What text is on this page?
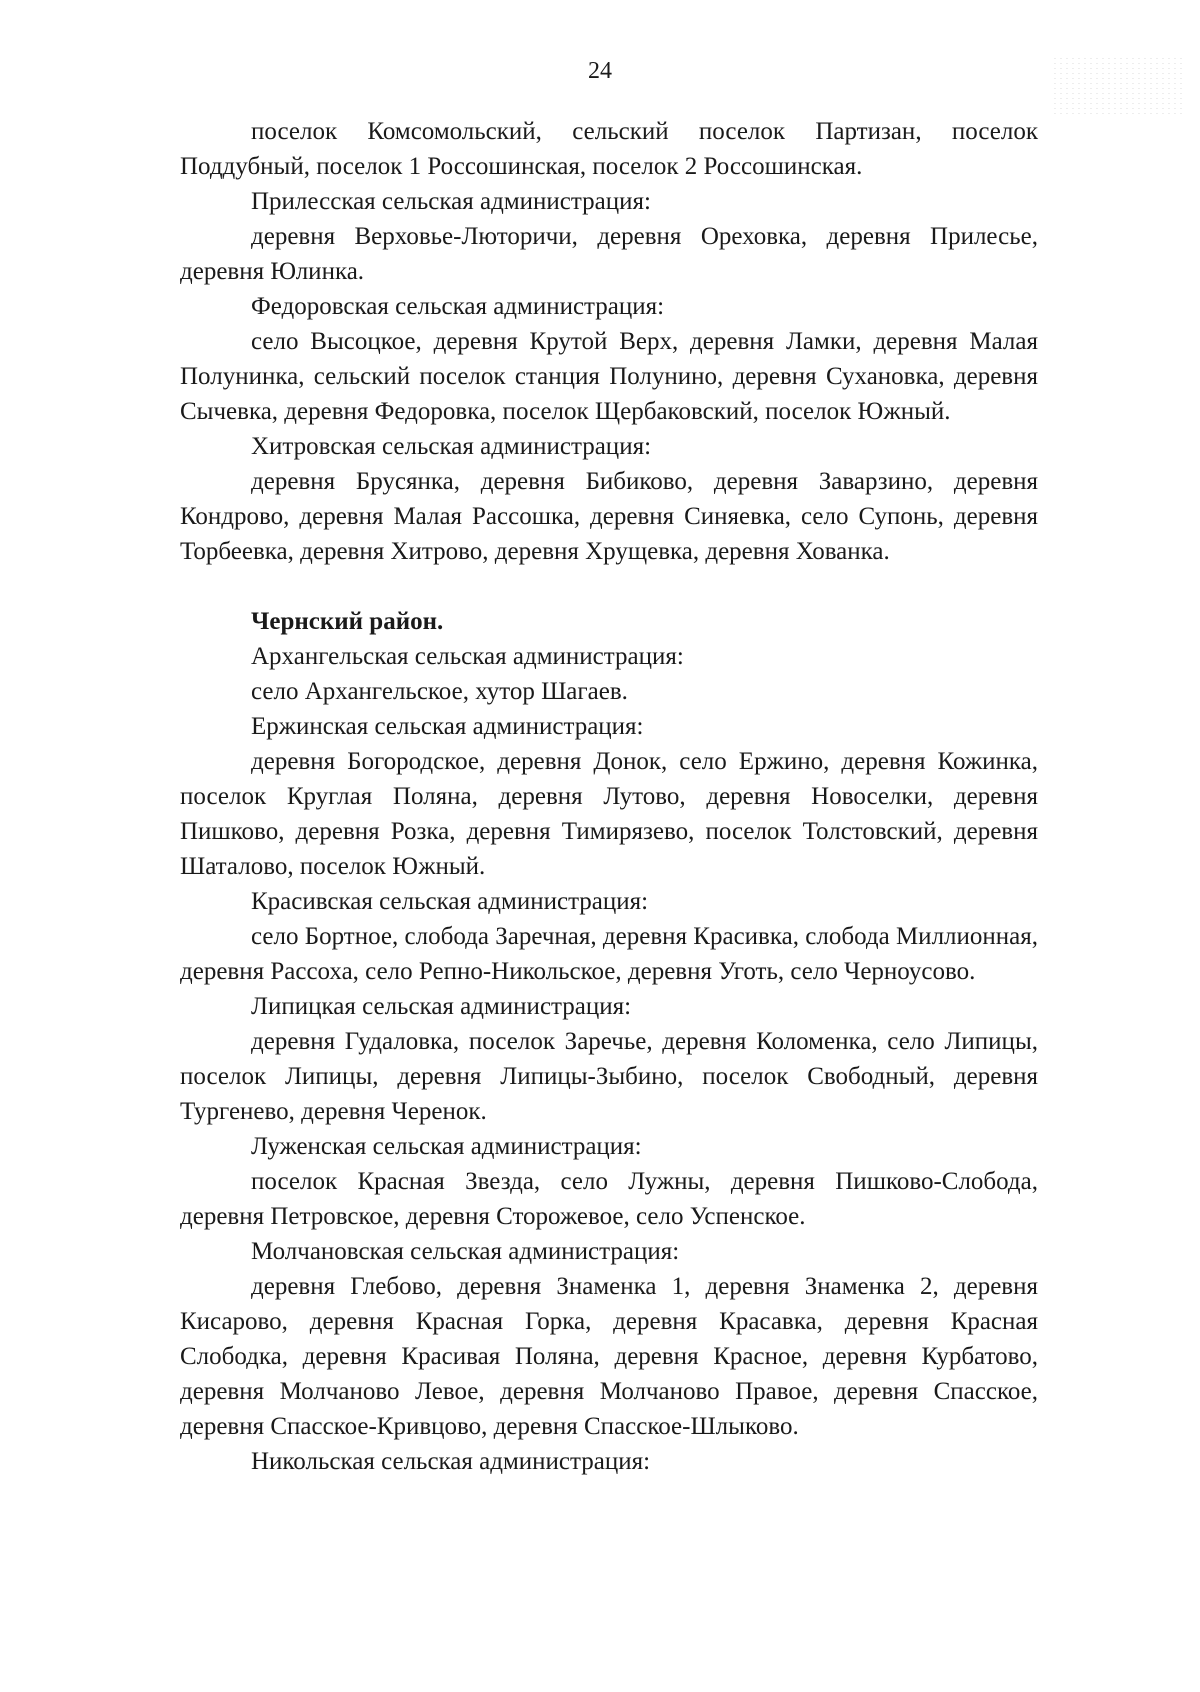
24

поселок Комсомольский, сельский поселок Партизан, поселок Поддубный, поселок 1 Россошинская, поселок 2 Россошинская.

Прилесская сельская администрация:

деревня Верховье-Люторичи, деревня Ореховка, деревня Прилесье, деревня Юлинка.

Федоровская сельская администрация:

село Высоцкое, деревня Крутой Верх, деревня Ламки, деревня Малая Полунинка, сельский поселок станция Полунино, деревня Сухановка, деревня Сычевка, деревня Федоровка, поселок Щербаковский, поселок Южный.

Хитровская сельская администрация:

деревня Брусянка, деревня Бибиково, деревня Заварзино, деревня Кондрово, деревня Малая Рассошка, деревня Синяевка, село Супонь, деревня Торбеевка, деревня Хитрово, деревня Хрущевка, деревня Хованка.

Чернский район.

Архангельская сельская администрация:

село Архангельское, хутор Шагаев.

Ержинская сельская администрация:

деревня Богородское, деревня Донок, село Ержино, деревня Кожинка, поселок Круглая Поляна, деревня Лутово, деревня Новоселки, деревня Пишково, деревня Розка, деревня Тимирязево, поселок Толстовский, деревня Шаталово, поселок Южный.

Красивская сельская администрация:

село Бортное, слобода Заречная, деревня Красивка, слобода Миллионная, деревня Рассоха, село Репно-Никольское, деревня Уготь, село Черноусово.

Липицкая сельская администрация:

деревня Гудаловка, поселок Заречье, деревня Коломенка, село Липицы, поселок Липицы, деревня Липицы-Зыбино, поселок Свободный, деревня Тургенево, деревня Черенок.

Луженская сельская администрация:

поселок Красная Звезда, село Лужны, деревня Пишково-Слобода, деревня Петровское, деревня Сторожевое, село Успенское.

Молчановская сельская администрация:

деревня Глебово, деревня Знаменка 1, деревня Знаменка 2, деревня Кисарово, деревня Красная Горка, деревня Красавка, деревня Красная Слободка, деревня Красивая Поляна, деревня Красное, деревня Курбатово, деревня Молчаново Левое, деревня Молчаново Правое, деревня Спасское, деревня Спасское-Кривцово, деревня Спасское-Шлыково.

Никольская сельская администрация:
